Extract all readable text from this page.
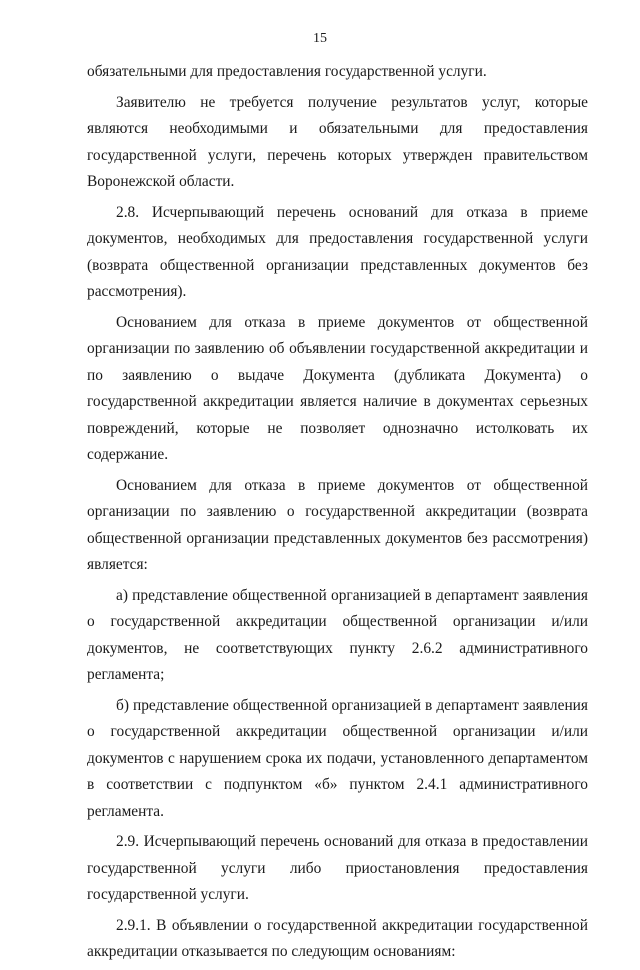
15

обязательными для предоставления государственной услуги.

Заявителю не требуется получение результатов услуг, которые являются необходимыми и обязательными для предоставления государственной услуги, перечень которых утвержден правительством Воронежской области.

2.8. Исчерпывающий перечень оснований для отказа в приеме документов, необходимых для предоставления государственной услуги (возврата общественной организации представленных документов без рассмотрения).

Основанием для отказа в приеме документов от общественной организации по заявлению об объявлении государственной аккредитации и по заявлению о выдаче Документа (дубликата Документа) о государственной аккредитации является наличие в документах серьезных повреждений, которые не позволяет однозначно истолковать их содержание.

Основанием для отказа в приеме документов от общественной организации по заявлению о государственной аккредитации (возврата общественной организации представленных документов без рассмотрения) является:

а) представление общественной организацией в департамент заявления о государственной аккредитации общественной организации и/или документов, не соответствующих пункту 2.6.2 административного регламента;

б) представление общественной организацией в департамент заявления о государственной аккредитации общественной организации и/или документов с нарушением срока их подачи, установленного департаментом в соответствии с подпунктом «б» пунктом 2.4.1 административного регламента.

2.9. Исчерпывающий перечень оснований для отказа в предоставлении государственной услуги либо приостановления предоставления государственной услуги.

2.9.1. В объявлении о государственной аккредитации государственной аккредитации отказывается по следующим основаниям:
